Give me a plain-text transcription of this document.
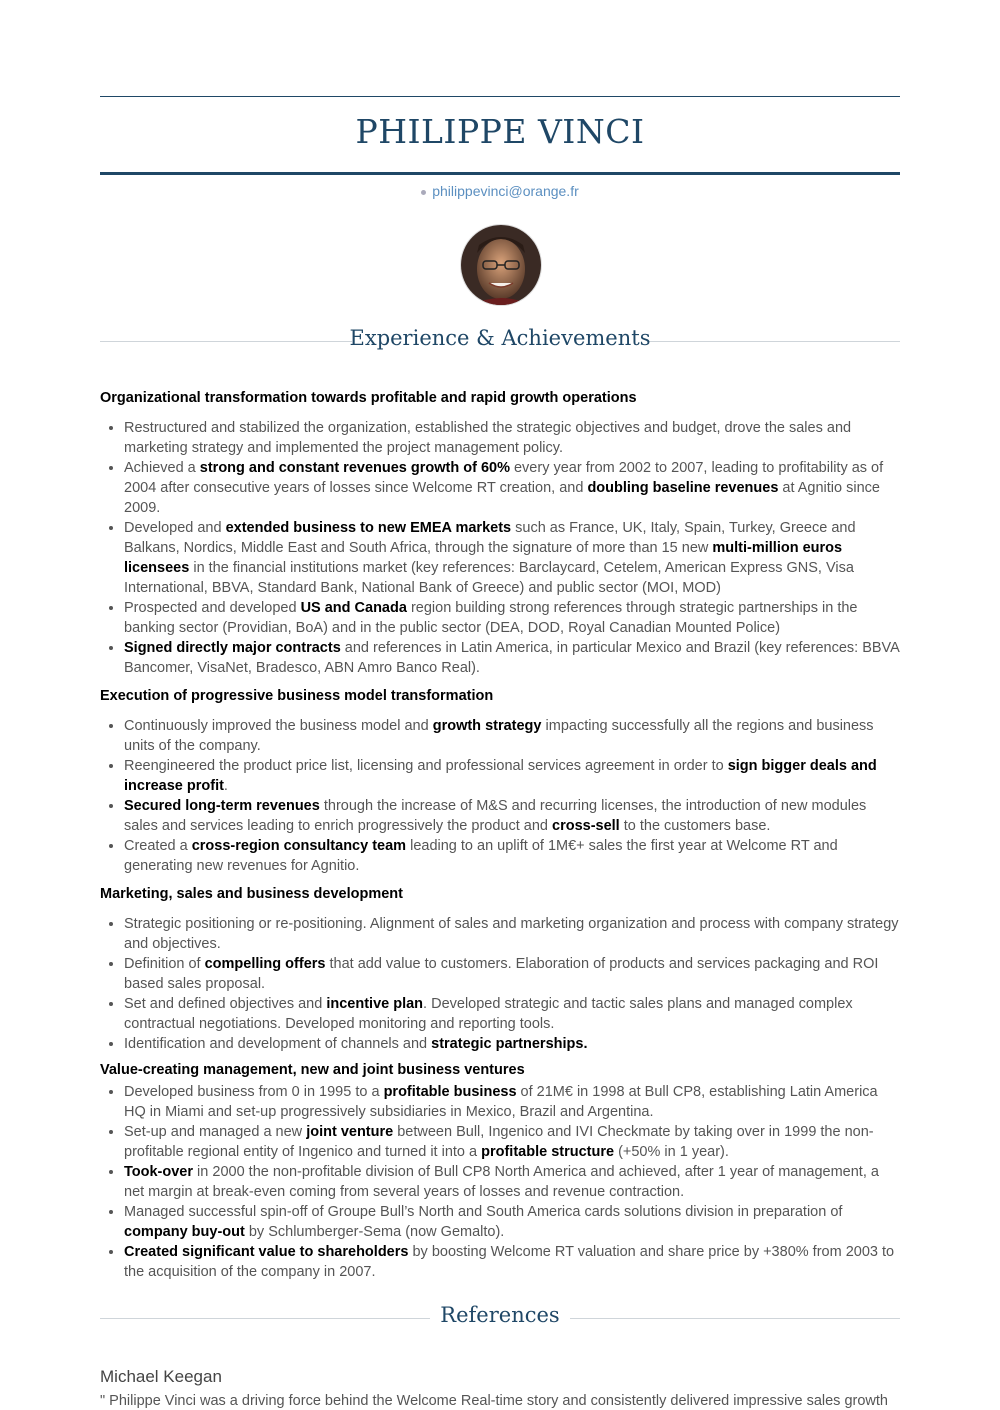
PHILIPPE VINCI
philippevinci@orange.fr
Experience & Achievements
Organizational transformation towards profitable and rapid growth operations
• Restructured and stabilized the organization, established the strategic objectives and budget, drove the sales and marketing strategy and implemented the project management policy.
• Achieved a strong and constant revenues growth of 60% every year from 2002 to 2007, leading to profitability as of 2004 after consecutive years of losses since Welcome RT creation, and doubling baseline revenues at Agnitio since 2009.
• Developed and extended business to new EMEA markets such as France, UK, Italy, Spain, Turkey, Greece and Balkans, Nordics, Middle East and South Africa, through the signature of more than 15 new multi-million euros licensees in the financial institutions market (key references: Barclaycard, Cetelem, American Express GNS, Visa International, BBVA, Standard Bank, National Bank of Greece) and public sector (MOI, MOD)
• Prospected and developed US and Canada region building strong references through strategic partnerships in the banking sector (Providian, BoA) and in the public sector (DEA, DOD, Royal Canadian Mounted Police)
• Signed directly major contracts and references in Latin America, in particular Mexico and Brazil (key references: BBVA Bancomer, VisaNet, Bradesco, ABN Amro Banco Real).
Execution of progressive business model transformation
• Continuously improved the business model and growth strategy impacting successfully all the regions and business units of the company.
• Reengineered the product price list, licensing and professional services agreement in order to sign bigger deals and increase profit.
• Secured long-term revenues through the increase of M&S and recurring licenses, the introduction of new modules sales and services leading to enrich progressively the product and cross-sell to the customers base.
• Created a cross-region consultancy team leading to an uplift of 1M€+ sales the first year at Welcome RT and generating new revenues for Agnitio.
Marketing, sales and business development
• Strategic positioning or re-positioning. Alignment of sales and marketing organization and process with company strategy and objectives.
• Definition of compelling offers that add value to customers. Elaboration of products and services packaging and ROI based sales proposal.
• Set and defined objectives and incentive plan. Developed strategic and tactic sales plans and managed complex contractual negotiations. Developed monitoring and reporting tools.
• Identification and development of channels and strategic partnerships.
Value-creating management, new and joint business ventures
• Developed business from 0 in 1995 to a profitable business of 21M€ in 1998 at Bull CP8, establishing Latin America HQ in Miami and set-up progressively subsidiaries in Mexico, Brazil and Argentina.
• Set-up and managed a new joint venture between Bull, Ingenico and IVI Checkmate by taking over in 1999 the non-profitable regional entity of Ingenico and turned it into a profitable structure (+50% in 1 year).
• Took-over in 2000 the non-profitable division of Bull CP8 North America and achieved, after 1 year of management, a net margin at break-even coming from several years of losses and revenue contraction.
• Managed successful spin-off of Groupe Bull’s North and South America cards solutions division in preparation of company buy-out by Schlumberger-Sema (now Gemalto).
• Created significant value to shareholders by boosting Welcome RT valuation and share price by +380% from 2003 to the acquisition of the company in 2007.
References
Michael Keegan
" Philippe Vinci was a driving force behind the Welcome Real-time story and consistently delivered impressive sales growth
